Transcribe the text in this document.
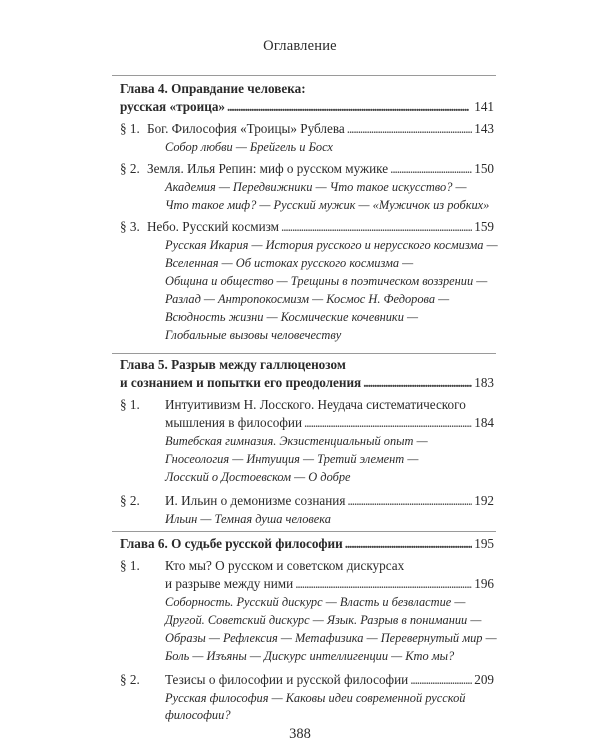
Оглавление
Глава 4. Оправдание человека:
русская «троица» . . .	141
§ 1. Бог. Философия «Троицы» Рублева . . .	143
Собор любви — Брейгель и Босх
§ 2. Земля. Илья Репин: миф о русском мужике . . .	150
Академия — Передвижники — Что такое искусство? —
Что такое миф? — Русский мужик — «Мужичок из робких»
§ 3. Небо. Русский космизм . . .	159
Русская Икария — История русского и нерусского космизма —
Вселенная — Об истоках русского космизма —
Община и общество — Трещины в поэтическом воззрении —
Разлад — Антропокосмизм — Космос Н. Федорова —
Всюдность жизни — Космические кочевники —
Глобальные вызовы человечеству
Глава 5. Разрыв между галлюценозом
и сознанием и попытки его преодоления . . .	183
§ 1. Интуитивизм Н. Лосского. Неудача систематического
мышления в философии . . .	184
Витебская гимназия. Экзистенциальный опыт —
Гносеология — Интуиция — Третий элемент —
Лосский о Достоевском — О добре
§ 2. И. Ильин о демонизме сознания . . .	192
Ильин — Темная душа человека
Глава 6. О судьбе русской философии . . .	195
§ 1. Кто мы? О русском и советском дискурсах
и разрыве между ними . . .	196
Соборность. Русский дискурс — Власть и безвластие —
Другой. Советский дискурс — Язык. Разрыв в понимании —
Образы — Рефлексия — Метафизика — Перевернутый мир —
Боль — Изъяны — Дискурс интеллигенции — Кто мы?
§ 2. Тезисы о философии и русской философии . . .	209
Русская философия — Каковы идеи современной русской
философии?
388
